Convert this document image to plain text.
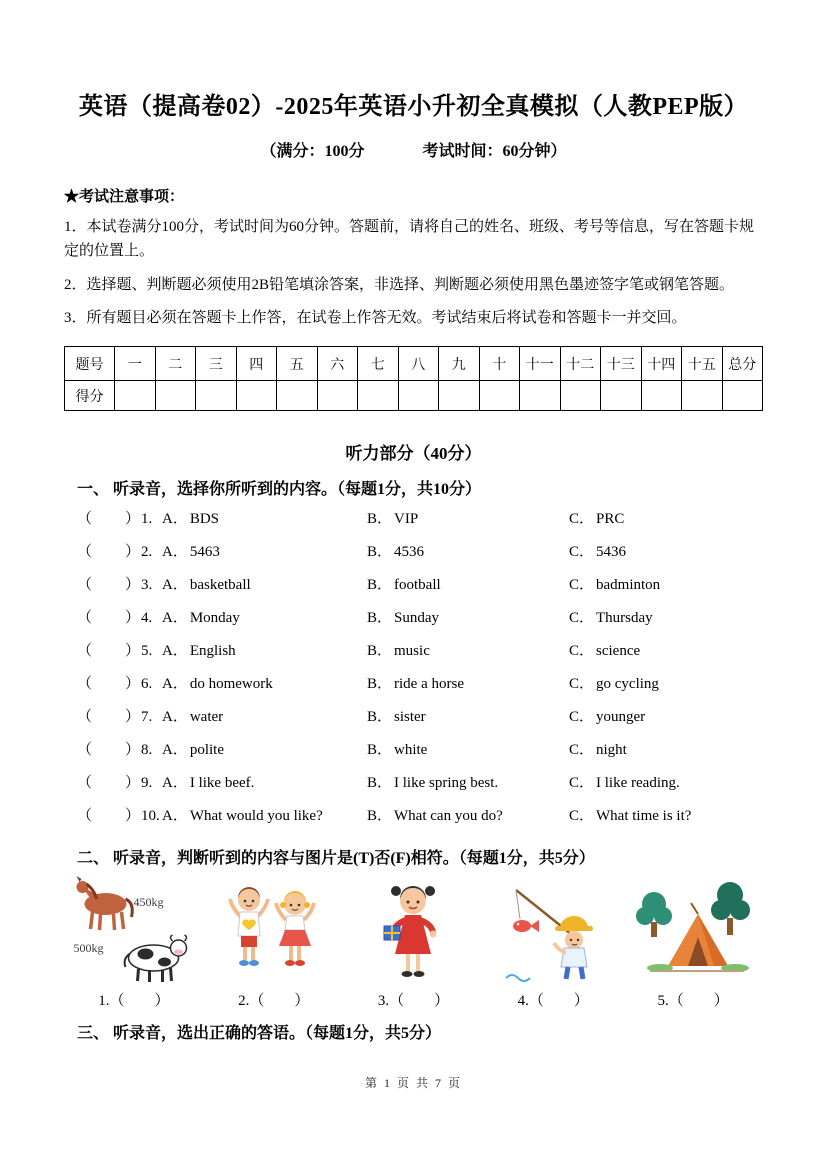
英语（提高卷02）-2025年英语小升初全真模拟（人教PEP版）
（满分：100分	考试时间：60分钟）
★考试注意事项：

1．本试卷满分100分，考试时间为60分钟。答题前，请将自己的姓名、班级、考号等信息，写在答题卡规定的位置上。

2．选择题、判断题必须使用2B铅笔填涂答案，非选择、判断题必须使用黑色墨迹签字笔或钢笔答题。

3．所有题目必须在答题卡上作答，在试卷上作答无效。考试结束后将试卷和答题卡一并交回。

题号	一	二	三	四	五	六	七	八	九	十	十一	十二	十三	十四	十五	总分
得分																
听力部分（40分）
一、 听录音，选择你所听到的内容。（每题1分，共10分）
（　　） 1. A． BDS	B． VIP	C． PRC
（　　） 2. A． 5463	B． 4536	C． 5436
（　　） 3. A． basketball	B． football	C． badminton
（　　） 4. A． Monday	B． Sunday	C． Thursday
（　　） 5. A． English	B． music	C． science
（　　） 6. A． do homework	B． ride a horse	C． go cycling
（　　） 7. A． water	B． sister	C． younger
（　　） 8. A． polite	B． white	C． night
（　　） 9. A． I like beef.	B． I like spring best.	C． I like reading.
（　　） 10. A． What would you like?	B． What can you do?	C． What time is it?
二、 听录音，判断听到的内容与图片是(T)否(F)相符。（每题1分，共5分）
450kg
500kg
1.（　　）	2.（　　）	3.（　　）	4.（　　）	5.（　　）
三、 听录音，选出正确的答语。（每题1分，共5分）
第 1 页 共 7 页
